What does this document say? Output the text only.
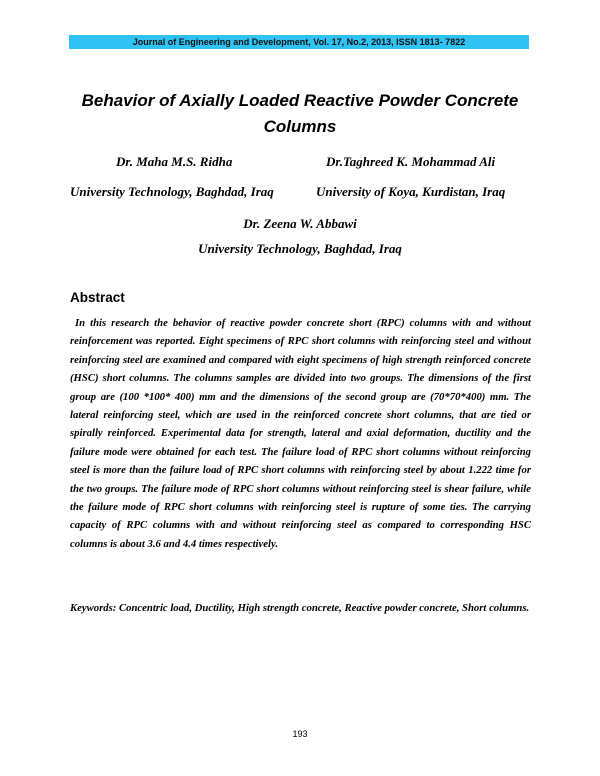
Journal of Engineering and Development, Vol. 17, No.2, 2013, ISSN 1813- 7822
Behavior of Axially Loaded Reactive Powder Concrete Columns
Dr. Maha M.S. Ridha	Dr.Taghreed K. Mohammad Ali
University Technology, Baghdad, Iraq	University of Koya, Kurdistan, Iraq
Dr. Zeena W. Abbawi
University Technology, Baghdad, Iraq
Abstract

In this research the behavior of reactive powder concrete short (RPC) columns with and without reinforcement was reported. Eight specimens of RPC short columns with reinforcing steel and without reinforcing steel are examined and compared with eight specimens of high strength reinforced concrete (HSC) short columns. The columns samples are divided into two groups. The dimensions of the first group are (100 *100* 400) mm and the dimensions of the second group are (70*70*400) mm. The lateral reinforcing steel, which are used in the reinforced concrete short columns, that are tied or spirally reinforced. Experimental data for strength, lateral and axial deformation, ductility and the failure mode were obtained for each test. The failure load of RPC short columns without reinforcing steel is more than the failure load of RPC short columns with reinforcing steel by about 1.222 time for the two groups. The failure mode of RPC short columns without reinforcing steel is shear failure, while the failure mode of RPC short columns with reinforcing steel is rupture of some ties. The carrying capacity of RPC columns with and without reinforcing steel as compared to corresponding HSC columns is about 3.6 and 4.4 times respectively.

Keywords: Concentric load, Ductility, High strength concrete, Reactive powder concrete, Short columns.

193
